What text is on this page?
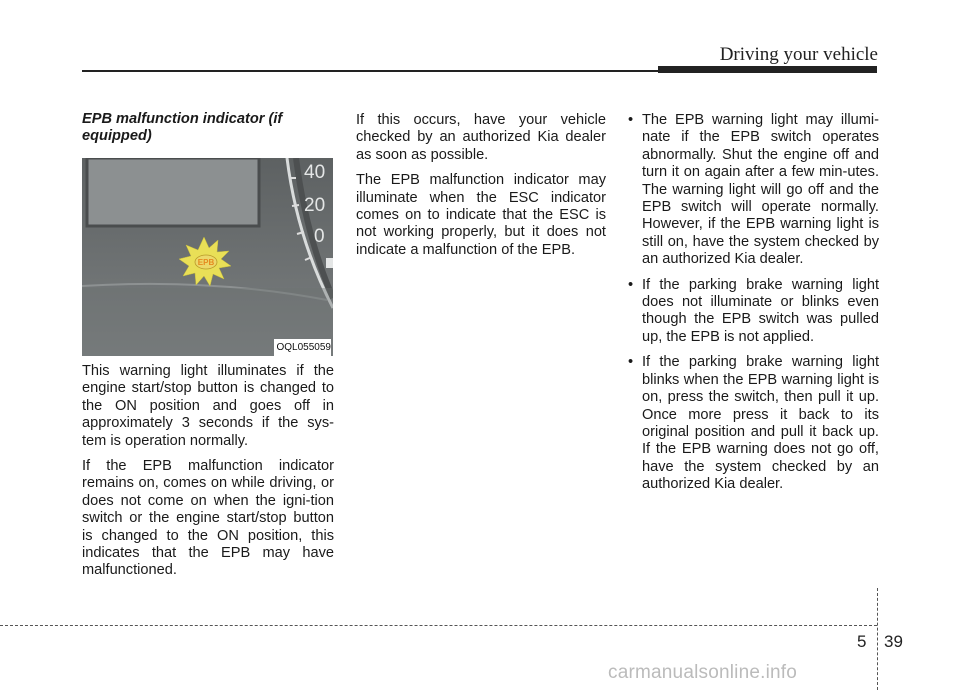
Driving your vehicle
EPB malfunction indicator (if equipped)
40
20
0
EPB
OQL055059

This warning light illuminates if the engine start/stop button is changed to the ON position and goes off in approximately 3 seconds if the sys-tem is operation normally.

If the EPB malfunction indicator remains on, comes on while driving, or does not come on when the igni-tion switch or the engine start/stop button is changed to the ON position, this indicates that the EPB may have malfunctioned.

If this occurs, have your vehicle checked by an authorized Kia dealer as soon as possible.

The EPB malfunction indicator may illuminate when the ESC indicator comes on to indicate that the ESC is not working properly, but it does not indicate a malfunction of the EPB.

• The EPB warning light may illumi-nate if the EPB switch operates abnormally. Shut the engine off and turn it on again after a few min-utes. The warning light will go off and the EPB switch will operate normally. However, if the EPB warning light is still on, have the system checked by an authorized Kia dealer.
• If the parking brake warning light does not illuminate or blinks even though the EPB switch was pulled up, the EPB is not applied.
• If the parking brake warning light blinks when the EPB warning light is on, press the switch, then pull it up. Once more press it back to its original position and pull it back up. If the EPB warning does not go off, have the system checked by an authorized Kia dealer.
5 39
carmanualsonline.info
